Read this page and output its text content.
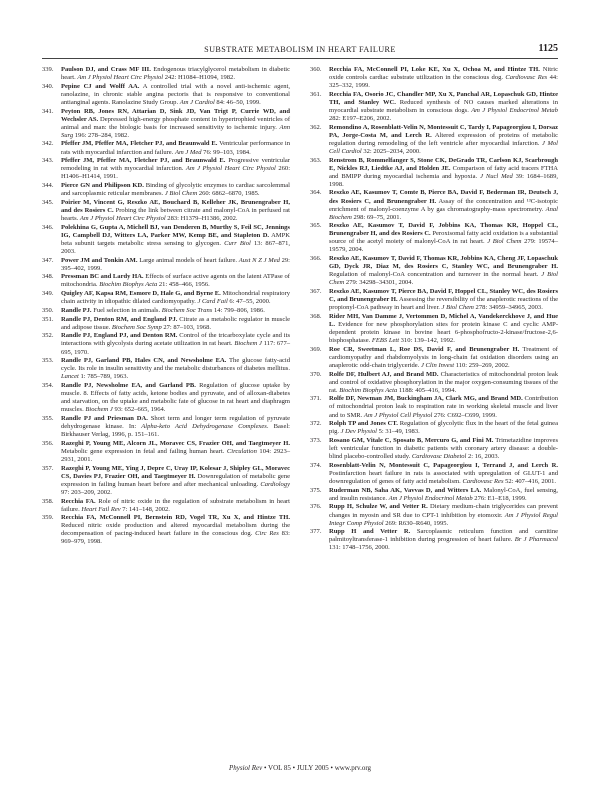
SUBSTRATE METABOLISM IN HEART FAILURE	1125

339. Paulson DJ, and Crass MF III. Endogenous triacylglycerol metabolism in diabetic heart. Am J Physiol Heart Circ Physiol 242: H1084–H1094, 1982.

340. Pepine CJ and Wolff AA. A controlled trial with a novel anti-ischemic agent, ranolazine, in chronic stable angina pectoris that is responsive to conventional antianginal agents. Ranolazine Study Group. Am J Cardiol 84: 46–50, 1999.

341. Peyton RB, Jones RN, Attarian D, Sink JD, Van Trigt P, Currie WD, and Wechsler AS. Depressed high-energy phosphate content in hypertrophied ventricles of animal and man: the biologic basis for increased sensitivity to ischemic injury. Ann Surg 196: 278–284, 1982.

342. Pfeffer JM, Pfeffer MA, Fletcher PJ, and Braunwald E. Ventricular performance in rats with myocardial infarction and failure. Am J Med 76: 99–103, 1984.

343. Pfeffer JM, Pfeffer MA, Fletcher PJ, and Braunwald E. Progressive ventricular remodeling in rat with myocardial infarction. Am J Physiol Heart Circ Physiol 260: H1406–H1414, 1991.

344. Pierce GN and Philipson KD. Binding of glycolytic enzymes to cardiac sarcolemmal and sarcoplasmic reticular membranes. J Biol Chem 260: 6862–6870, 1985.

345. Poirier M, Vincent G, Reszko AE, Bouchard B, Kelleher JK, Brunengraber H, and des Rosiers C. Probing the link between citrate and malonyl-CoA in perfused rat hearts. Am J Physiol Heart Circ Physiol 283: H1379–H1386, 2002.

346. Polekhina G, Gupta A, Michell BJ, van Denderen B, Murthy S, Feil SC, Jennings IG, Campbell DJ, Witters LA, Parker MW, Kemp BE, and Stapleton D. AMPK beta subunit targets metabolic stress sensing to glycogen. Curr Biol 13: 867–871, 2003.

347. Power JM and Tonkin AM. Large animal models of heart failure. Aust N Z J Med 29: 395–402, 1999.

348. Pressman BC and Lardy HA. Effects of surface active agents on the latent ATPase of mitochondria. Biochim Biophys Acta 21: 458–466, 1956.

349. Quigley AF, Kapsa RM, Esmore D, Hale G, and Byrne E. Mitochondrial respiratory chain activity in idiopathic dilated cardiomyopathy. J Card Fail 6: 47–55, 2000.

350. Randle PJ. Fuel selection in animals. Biochem Soc Trans 14: 799–806, 1986.

351. Randle PJ, Denton RM, and England PJ. Citrate as a metabolic regulator in muscle and adipose tissue. Biochem Soc Symp 27: 87–103, 1968.

352. Randle PJ, England PJ, and Denton RM. Control of the tricarboxylate cycle and its interactions with glycolysis during acetate utilization in rat heart. Biochem J 117: 677–695, 1970.

353. Randle PJ, Garland PB, Hales CN, and Newsholme EA. The glucose fatty-acid cycle. Its role in insulin sensitivity and the metabolic disturbances of diabetes mellitus. Lancet 1: 785–789, 1963.

354. Randle PJ, Newsholme EA, and Garland PB. Regulation of glucose uptake by muscle. 8. Effects of fatty acids, ketone bodies and pyruvate, and of alloxan-diabetes and starvation, on the uptake and metabolic fate of glucose in rat heart and diaphragm muscles. Biochem J 93: 652–665, 1964.

355. Randle PJ and Priesman DA. Short term and longer term regulation of pyruvate dehydrogenase kinase. In: Alpha-keto Acid Dehydrogenase Complexes. Basel: Birkhauser Verlag, 1996, p. 151–161.

356. Razeghi P, Young ME, Alcorn JL, Moravec CS, Frazier OH, and Taegtmeyer H. Metabolic gene expression in fetal and failing human heart. Circulation 104: 2923–2931, 2001.

357. Razeghi P, Young ME, Ying J, Depre C, Uray IP, Kolesar J, Shipley GL, Moravec CS, Davies PJ, Frazier OH, and Taegtmeyer H. Downregulation of metabolic gene expression in failing human heart before and after mechanical unloading. Cardiology 97: 203–209, 2002.

358. Recchia FA. Role of nitric oxide in the regulation of substrate metabolism in heart failure. Heart Fail Rev 7: 141–148, 2002.

359. Recchia FA, McConnell PI, Bernstein RD, Vogel TR, Xu X, and Hintze TH. Reduced nitric oxide production and altered myocardial metabolism during the decompensation of pacing-induced heart failure in the conscious dog. Circ Res 83: 969–979, 1998.

360. Recchia FA, McConnell PI, Loke KE, Xu X, Ochoa M, and Hintze TH. Nitric oxide controls cardiac substrate utilization in the conscious dog. Cardiovasc Res 44: 325–332, 1999.

361. Recchia FA, Osorio JC, Chandler MP, Xu X, Panchal AR, Lopaschuk GD, Hintze TH, and Stanley WC. Reduced synthesis of NO causes marked alterations in myocardial substrate metabolism in conscious dogs. Am J Physiol Endocrinol Metab 282: E197–E206, 2002.

362. Remondino A, Rosenblatt-Velin N, Montessuit C, Tardy I, Papageorgiou I, Dorsaz PA, Jorge-Costa M, and Lerch R. Altered expression of proteins of metabolic regulation during remodeling of the left ventricle after myocardial infarction. J Mol Cell Cardiol 32: 2025–2034, 2000.

363. Renstrom B, Rommelfanger S, Stone CK, DeGrado TR, Carlson KJ, Scarbrough E, Nickles RJ, Liedtke AJ, and Holden JE. Comparison of fatty acid tracers FTHA and BMIPP during myocardial ischemia and hypoxia. J Nucl Med 39: 1684–1689, 1998.

364. Reszko AE, Kasumov T, Comte B, Pierce BA, David F, Bederman IR, Deutsch J, des Rosiers C, and Brunengraber H. Assay of the concentration and ¹³C-isotopic enrichment of malonyl-coenzyme A by gas chromatography-mass spectrometry. Anal Biochem 298: 69–75, 2001.

365. Reszko AE, Kasumov T, David F, Jobbins KA, Thomas KR, Hoppel CL, Brunengraber H, and des Rosiers C. Peroxisomal fatty acid oxidation is a substantial source of the acetyl moiety of malonyl-CoA in rat heart. J Biol Chem 279: 19574–19579, 2004.

366. Reszko AE, Kasumov T, David F, Thomas KR, Jobbins KA, Cheng JF, Lopaschuk GD, Dyck JR, Diaz M, des Rosiers C, Stanley WC, and Brunengraber H. Regulation of malonyl-CoA concentration and turnover in the normal heart. J Biol Chem 279: 34298–34301, 2004.

367. Reszko AE, Kasumov T, Pierce BA, David F, Hoppel CL, Stanley WC, des Rosiers C, and Brunengraber H. Assessing the reversibility of the anaplerotic reactions of the propionyl-CoA pathway in heart and liver. J Biol Chem 278: 34959–34965, 2003.

368. Rider MH, Van Damme J, Vertommen D, Michel A, Vandekerckhove J, and Hue L. Evidence for new phosphorylation sites for protein kinase C and cyclic AMP-dependent protein kinase in bovine heart 6-phosphofructo-2-kinase/fructose-2,6-bisphosphatase. FEBS Lett 310: 139–142, 1992.

369. Roe CR, Sweetman L, Roe DS, David F, and Brunengraber H. Treatment of cardiomyopathy and rhabdomyolysis in long-chain fat oxidation disorders using an anaplerotic odd-chain triglyceride. J Clin Invest 110: 259–269, 2002.

370. Rolfe DF, Hulbert AJ, and Brand MD. Characteristics of mitochondrial proton leak and control of oxidative phosphorylation in the major oxygen-consuming tissues of the rat. Biochim Biophys Acta 1188: 405–416, 1994.

371. Rolfe DF, Newman JM, Buckingham JA, Clark MG, and Brand MD. Contribution of mitochondrial proton leak to respiration rate in working skeletal muscle and liver and to SMR. Am J Physiol Cell Physiol 276: C692–C699, 1999.

372. Rolph TP and Jones CT. Regulation of glycolytic flux in the heart of the fetal guinea pig. J Dev Physiol 5: 31–49, 1983.

373. Rosano GM, Vitale C, Sposato B, Mercuro G, and Fini M. Trimetazidine improves left ventricular function in diabetic patients with coronary artery disease: a double-blind placebo-controlled study. Cardiovasc Diabetol 2: 16, 2003.

374. Rosenblatt-Velin N, Montessuit C, Papageorgiou I, Terrand J, and Lerch R. Postinfarction heart failure in rats is associated with upregulation of GLUT-1 and downregulation of genes of fatty acid metabolism. Cardiovasc Res 52: 407–416, 2001.

375. Ruderman NB, Saha AK, Vavvas D, and Witters LA. Malonyl-CoA, fuel sensing, and insulin resistance. Am J Physiol Endocrinol Metab 276: E1–E18, 1999.

376. Rupp H, Schulze W, and Vetter R. Dietary medium-chain triglycerides can prevent changes in myosin and SR due to CPT-1 inhibition by etomoxir. Am J Physiol Regul Integr Comp Physiol 269: R630–R640, 1995.

377. Rupp H and Vetter R. Sarcoplasmic reticulum function and carnitine palmitoyltransferase-1 inhibition during progression of heart failure. Br J Pharmacol 131: 1748–1756, 2000.

Physiol Rev • VOL 85 • JULY 2005 • www.prv.org
